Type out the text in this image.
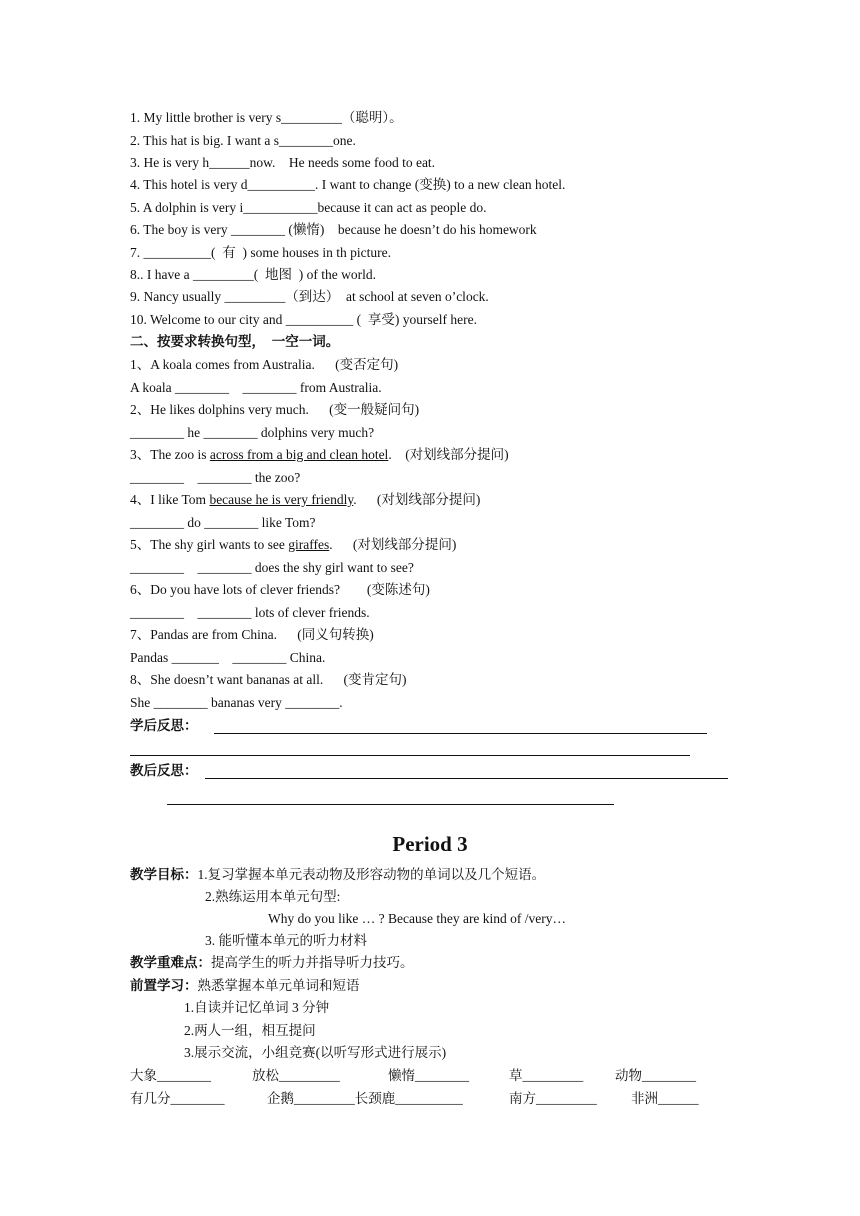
1. My little brother is very s_________（聪明）。
2. This hat is big. I want a s________one.
3. He is very h______now.    He needs some food to eat.
4. This hotel is very d__________. I want to change (变换) to a new clean hotel.
5. A dolphin is very i___________because it can act as people do.
6. The boy is very ________ (懒惰)    because he doesn’t do his homework
7. __________(  有  ) some houses in th picture.
8.. I have a _________(  地图  ) of the world.
9. Nancy usually _________（到达）  at school at seven o’clock.
10. Welcome to our city and __________ (  享受) yourself here.
二、按要求转换句型，  一空一词。
1、A koala comes from Australia.      (变否定句)
A koala ________    ________ from Australia.
2、He likes dolphins very much.      (变一般疑问句)
________ he ________ dolphins very much?
3、The zoo is across from a big and clean hotel.    (对划线部分提问)
________    ________ the zoo?
4、I like Tom because he is very friendly.      (对划线部分提问)
________ do ________ like Tom?
5、The shy girl wants to see giraffes.      (对划线部分提问)
________    ________ does the shy girl want to see?
6、Do you have lots of clever friends?        (变陈述句)
________    ________ lots of clever friends.
7、Pandas are from China.      (同义句转换)
Pandas _______    ________ China.
8、She doesn’t want bananas at all.      (变肯定句)
She ________ bananas very ________.
学后反思：
教后反思：
Period 3
教学目标：1.复习掌握本单元表动物及形容动物的单词以及几个短语。
2.熟练运用本单元句型:
Why do you like … ? Because they are kind of /very…
3. 能听懂本单元的听力材料
教学重难点：提高学生的听力并指导听力技巧。
前置学习：熟悉掌握本单元单词和短语
1.自读并记忆单词 3 分钟
2.两人一组，相互提问
3.展示交流，小组竞赛(以听写形式进行展示)
大象________	放松_________	懒惰________	草_________ 动物________
有几分________	企鹅_________长颈鹿__________	南方_________	非洲______
